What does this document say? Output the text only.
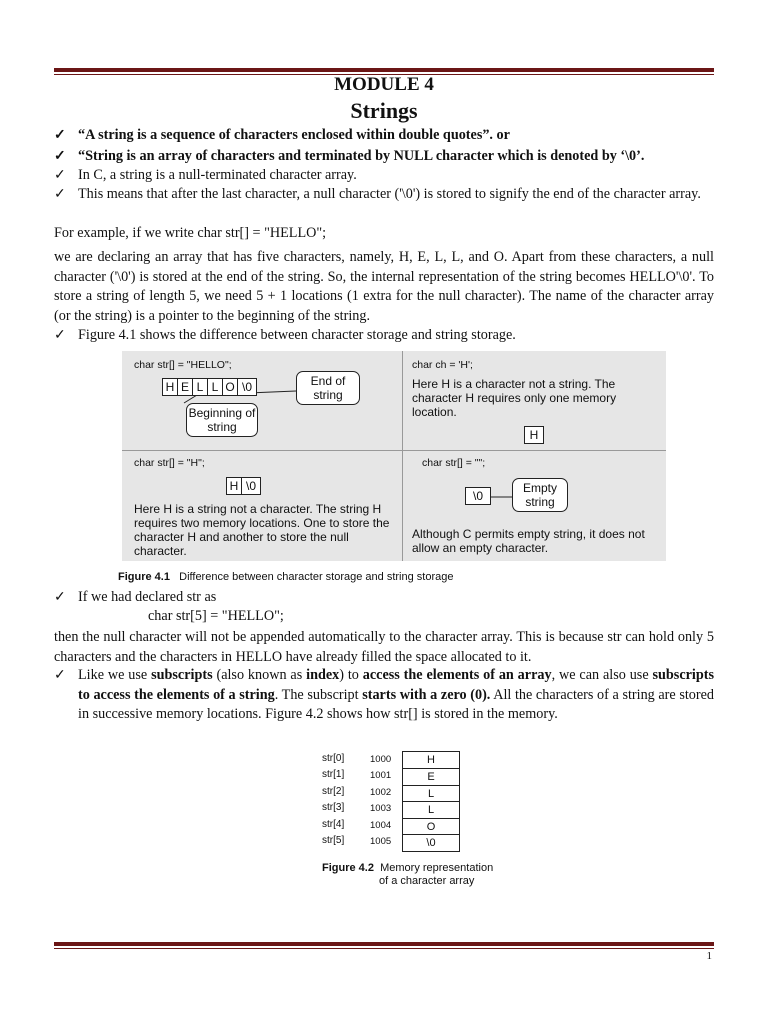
MODULE 4
Strings
✓ “A string is a sequence of characters enclosed within double quotes”. or
✓ “String is an array of characters and terminated by NULL character which is denoted by ‘\0’.
✓ In C, a string is a null-terminated character array.
✓ This means that after the last character, a null character ('\0') is stored to signify the end of the character array.
For example, if we write char str[] = "HELLO";
we are declaring an array that has five characters, namely, H, E, L, L, and O. Apart from these characters, a null character ('\0') is stored at the end of the string. So, the internal representation of the string becomes HELLO'\0'. To store a string of length 5, we need 5 + 1 locations (1 extra for the null character). The name of the character array (or the string) is a pointer to the beginning of the string.
✓ Figure 4.1 shows the difference between character storage and string storage.
char str[] = "HELLO";
H E L L O \0	End of string
Beginning of string
char ch = 'H';
Here H is a character not a string. The character H requires only one memory location.
H
char str[] = "H";
H \0
Here H is a string not a character. The string H requires two memory locations. One to store the character H and another to store the null character.
char str[] = "";
\0
Empty string
Although C permits empty string, it does not allow an empty character.
Figure 4.1 Difference between character storage and string storage
✓ If we had declared str as
char str[5] = "HELLO";
then the null character will not be appended automatically to the character array. This is because str can hold only 5 characters and the characters in HELLO have already filled the space allocated to it.
✓ Like we use subscripts (also known as index) to access the elements of an array, we can also use subscripts to access the elements of a string. The subscript starts with a zero (0). All the characters of a string are stored in successive memory locations. Figure 4.2 shows how str[] is stored in the memory.
str[0]	1000	H
str[1]	1001	E
str[2]	1002	L
str[3]	1003	L
str[4]	1004	O
str[5]	1005	\0
Figure 4.2 Memory representation
of a character array
1
